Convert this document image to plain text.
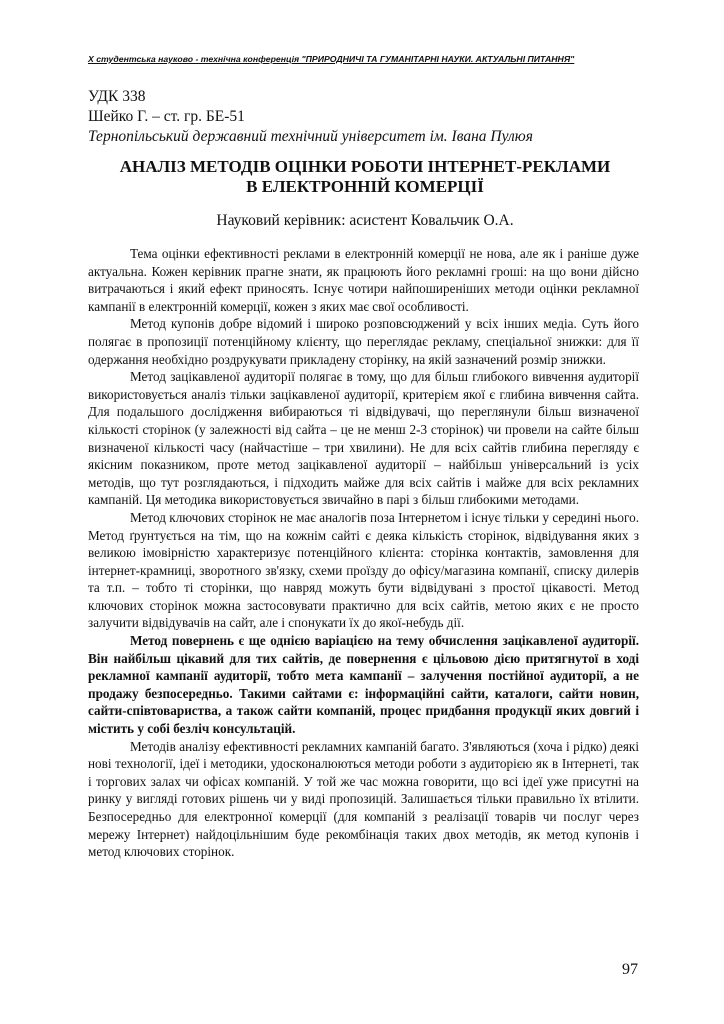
X студентська науково - технічна конференція "ПРИРОДНИЧІ ТА ГУМАНІТАРНІ НАУКИ. АКТУАЛЬНІ ПИТАННЯ"
УДК 338
Шейко Г. – ст. гр. БЕ-51
Тернопільський державний технічний університет ім. Івана Пулюя
АНАЛІЗ МЕТОДІВ ОЦІНКИ РОБОТИ ІНТЕРНЕТ-РЕКЛАМИ
В ЕЛЕКТРОННІЙ КОМЕРЦІЇ
Науковий керівник: асистент Ковальчик О.А.

Тема оцінки ефективності реклами в електронній комерції не нова, але як і раніше дуже актуальна. Кожен керівник прагне знати, як працюють його рекламні гроші: на що вони дійсно витрачаються і який ефект приносять. Існує чотири найпоширеніших методи оцінки рекламної кампанії в електронній комерції, кожен з яких має свої особливості.

Метод купонів добре відомий і широко розповсюджений у всіх інших медіа. Суть його полягає в пропозиції потенційному клієнту, що переглядає рекламу, спеціальної знижки: для її одержання необхідно роздрукувати прикладену сторінку, на якій зазначений розмір знижки.

Метод зацікавленої аудиторії полягає в тому, що для більш глибокого вивчення аудиторії використовується аналіз тільки зацікавленої аудиторії, критерієм якої є глибина вивчення сайта. Для подальшого дослідження вибираються ті відвідувачі, що переглянули більш визначеної кількості сторінок (у залежності від сайта – це не менш 2-3 сторінок) чи провели на сайте більш визначеної кількості часу (найчастіше – три хвилини). Не для всіх сайтів глибина перегляду є якісним показником, проте метод зацікавленої аудиторії – найбільш універсальний із усіх методів, що тут розглядаються, і підходить майже для всіх сайтів і майже для всіх рекламних кампаній. Ця методика використовується звичайно в парі з більш глибокими методами.

Метод ключових сторінок не має аналогів поза Інтернетом і існує тільки у середині нього. Метод ґрунтується на тім, що на кожнім сайті є деяка кількість сторінок, відвідування яких з великою імовірністю характеризує потенційного клієнта: сторінка контактів, замовлення для інтернет-крамниці, зворотного зв'язку, схеми проїзду до офісу/магазина компанії, списку дилерів та т.п. – тобто ті сторінки, що навряд можуть бути відвідувані з простої цікавості. Метод ключових сторінок можна застосовувати практично для всіх сайтів, метою яких є не просто залучити відвідувачів на сайт, але і спонукати їх до якої-небудь дії.

Метод повернень є ще однією варіацією на тему обчислення зацікавленої аудиторії. Він найбільш цікавий для тих сайтів, де повернення є цільовою дією притягнутої в ході рекламної кампанії аудиторії, тобто мета кампанії – залучення постійної аудиторії, а не продажу безпосередньо. Такими сайтами є: інформаційні сайти, каталоги, сайти новин, сайти-співтовариства, а також сайти компаній, процес придбання продукції яких довгий і містить у собі безліч консультацій.

Методів аналізу ефективності рекламних кампаній багато. З'являються (хоча і рідко) деякі нові технології, ідеї і методики, удосконалюються методи роботи з аудиторією як в Інтернеті, так і торгових залах чи офісах компаній. У той же час можна говорити, що всі ідеї уже присутні на ринку у вигляді готових рішень чи у виді пропозицій. Залишається тільки правильно їх втілити. Безпосередньо для електронної комерції (для компаній з реалізації товарів чи послуг через мережу Інтернет) найдоцільнішим буде рекомбінація таких двох методів, як метод купонів і метод ключових сторінок.

97
